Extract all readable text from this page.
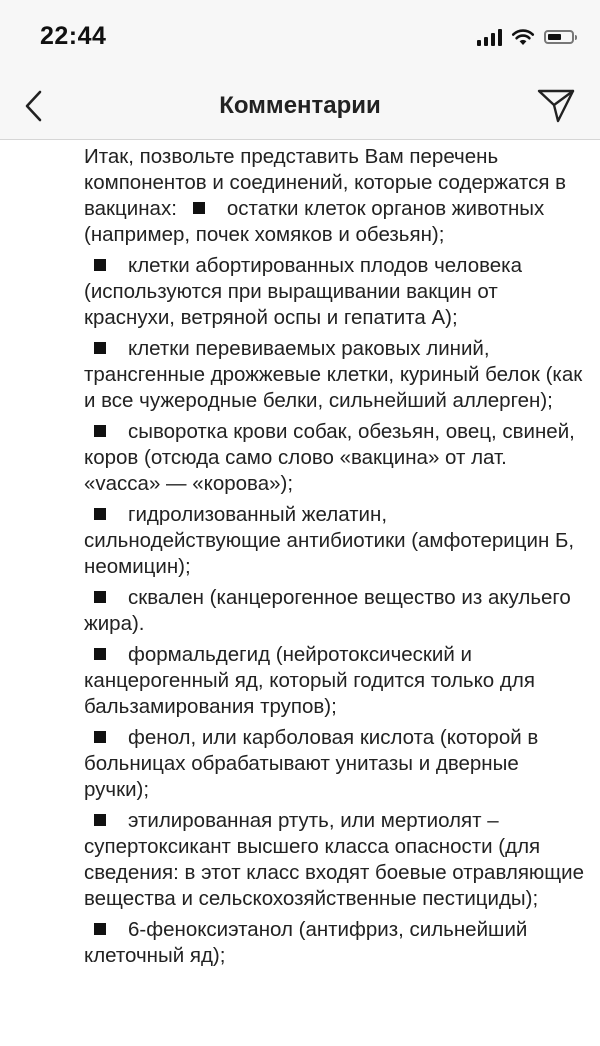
22:44
Комментарии
Итак, позвольте представить Вам перечень компонентов и соединений, которые содержатся в вакцинах: остатки клеток органов животных (например, почек хомяков и обезьян);
клетки абортированных плодов человека (используются при выращивании вакцин от краснухи, ветряной оспы и гепатита А);
клетки перевиваемых раковых линий, трансгенные дрожжевые клетки, куриный белок (как и все чужеродные белки, сильнейший аллерген);
сыворотка крови собак, обезьян, овец, свиней, коров (отсюда само слово «вакцина» от лат. «vacca» — «корова»);
гидролизованный желатин, сильнодействующие антибиотики (амфотерицин Б, неомицин);
сквален (канцерогенное вещество из акульего жира).
формальдегид (нейротоксический и канцерогенный яд, который годится только для бальзамирования трупов);
фенол, или карболовая кислота (которой в больницах обрабатывают унитазы и дверные ручки);
этилированная ртуть, или мертиолят – супертоксикант высшего класса опасности (для сведения: в этот класс входят боевые отравляющие вещества и сельскохозяйственные пестициды);
6-феноксиэтанол (антифриз, сильнейший клеточный яд);
